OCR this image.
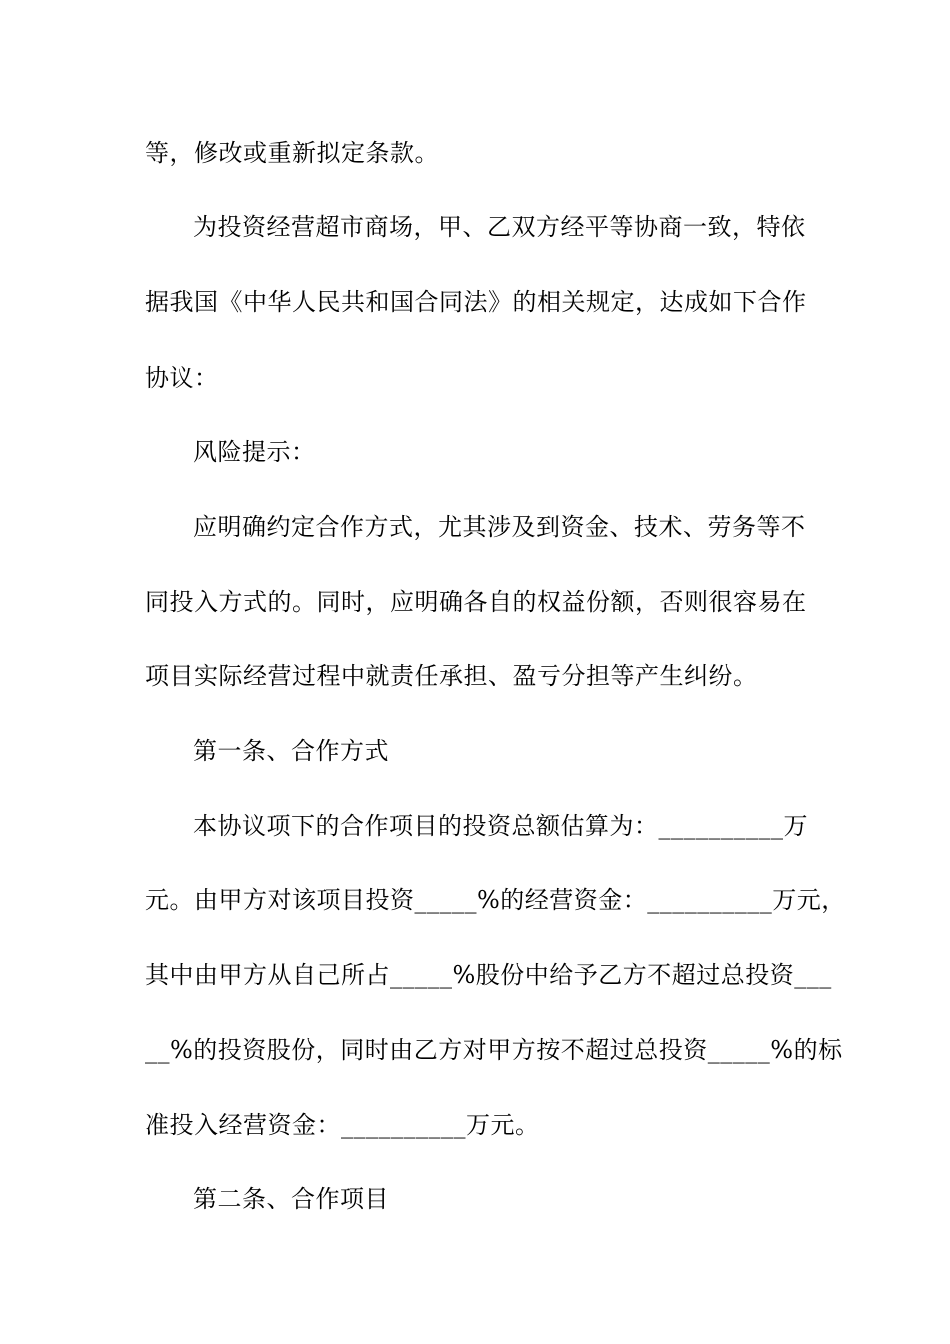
等，修改或重新拟定条款。
为投资经营超市商场，甲、乙双方经平等协商一致，特依
据我国《中华人民共和国合同法》的相关规定，达成如下合作
协议：
风险提示：
应明确约定合作方式，尤其涉及到资金、技术、劳务等不
同投入方式的。同时，应明确各自的权益份额，否则很容易在
项目实际经营过程中就责任承担、盈亏分担等产生纠纷。
第一条、合作方式
本协议项下的合作项目的投资总额估算为：__________万
元。由甲方对该项目投资_____%的经营资金：__________万元，
其中由甲方从自己所占_____%股份中给予乙方不超过总投资___
__%的投资股份，同时由乙方对甲方按不超过总投资_____%的标
准投入经营资金：__________万元。
第二条、合作项目
